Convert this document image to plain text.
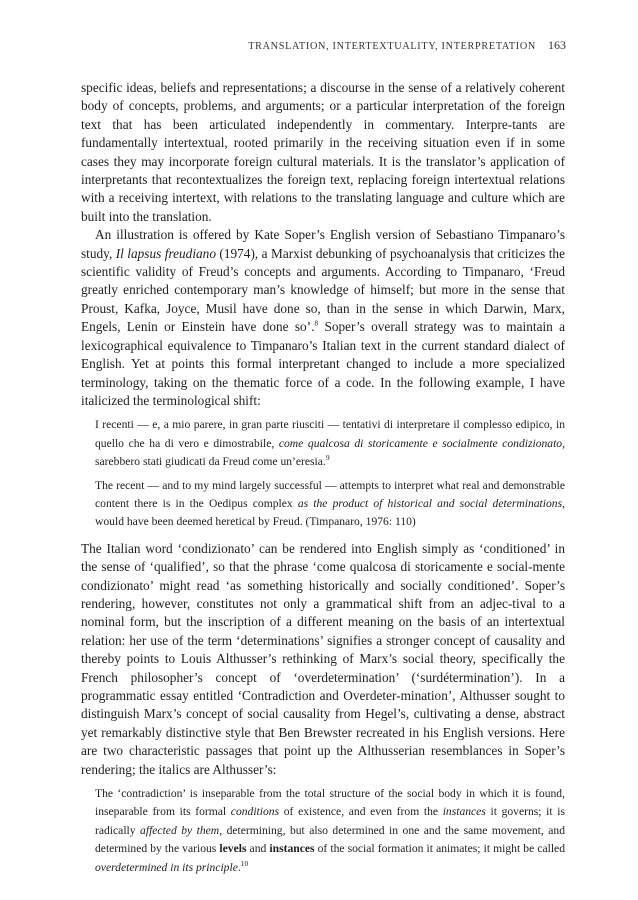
TRANSLATION, INTERTEXTUALITY, INTERPRETATION 163

specific ideas, beliefs and representations; a discourse in the sense of a relatively coherent body of concepts, problems, and arguments; or a particular interpretation of the foreign text that has been articulated independently in commentary. Interpre-tants are fundamentally intertextual, rooted primarily in the receiving situation even if in some cases they may incorporate foreign cultural materials. It is the translator’s application of interpretants that recontextualizes the foreign text, replacing foreign intertextual relations with a receiving intertext, with relations to the translating language and culture which are built into the translation.

An illustration is offered by Kate Soper’s English version of Sebastiano Timpanaro’s study, Il lapsus freudiano (1974), a Marxist debunking of psychoanalysis that criticizes the scientific validity of Freud’s concepts and arguments. According to Timpanaro, ‘Freud greatly enriched contemporary man’s knowledge of himself; but more in the sense that Proust, Kafka, Joyce, Musil have done so, than in the sense in which Darwin, Marx, Engels, Lenin or Einstein have done so’.$^8$ Soper’s overall strategy was to maintain a lexicographical equivalence to Timpanaro’s Italian text in the current standard dialect of English. Yet at points this formal interpretant changed to include a more specialized terminology, taking on the thematic force of a code. In the following example, I have italicized the terminological shift:

I recenti — e, a mio parere, in gran parte riusciti — tentativi di interpretare il complesso edipico, in quello che ha di vero e dimostrabile, come qualcosa di storicamente e socialmente condizionato, sarebbero stati giudicati da Freud come un’eresia.$^9$

The recent — and to my mind largely successful — attempts to interpret what real and demonstrable content there is in the Oedipus complex as the product of historical and social determinations, would have been deemed heretical by Freud. (Timpanaro, 1976: 110)

The Italian word ‘condizionato’ can be rendered into English simply as ‘conditioned’ in the sense of ‘qualified’, so that the phrase ‘come qualcosa di storicamente e social-mente condizionato’ might read ‘as something historically and socially conditioned’. Soper’s rendering, however, constitutes not only a grammatical shift from an adjec-tival to a nominal form, but the inscription of a different meaning on the basis of an intertextual relation: her use of the term ‘determinations’ signifies a stronger concept of causality and thereby points to Louis Althusser’s rethinking of Marx’s social theory, specifically the French philosopher’s concept of ‘overdetermination’ (‘surdétermination’). In a programmatic essay entitled ‘Contradiction and Overdeter-mination’, Althusser sought to distinguish Marx’s concept of social causality from Hegel’s, cultivating a dense, abstract yet remarkably distinctive style that Ben Brewster recreated in his English versions. Here are two characteristic passages that point up the Althusserian resemblances in Soper’s rendering; the italics are Althusser’s:

The ‘contradiction’ is inseparable from the total structure of the social body in which it is found, inseparable from its formal conditions of existence, and even from the instances it governs; it is radically affected by them, determining, but also determined in one and the same movement, and determined by the various levels and instances of the social formation it animates; it might be called overdetermined in its principle.$^{10}$
